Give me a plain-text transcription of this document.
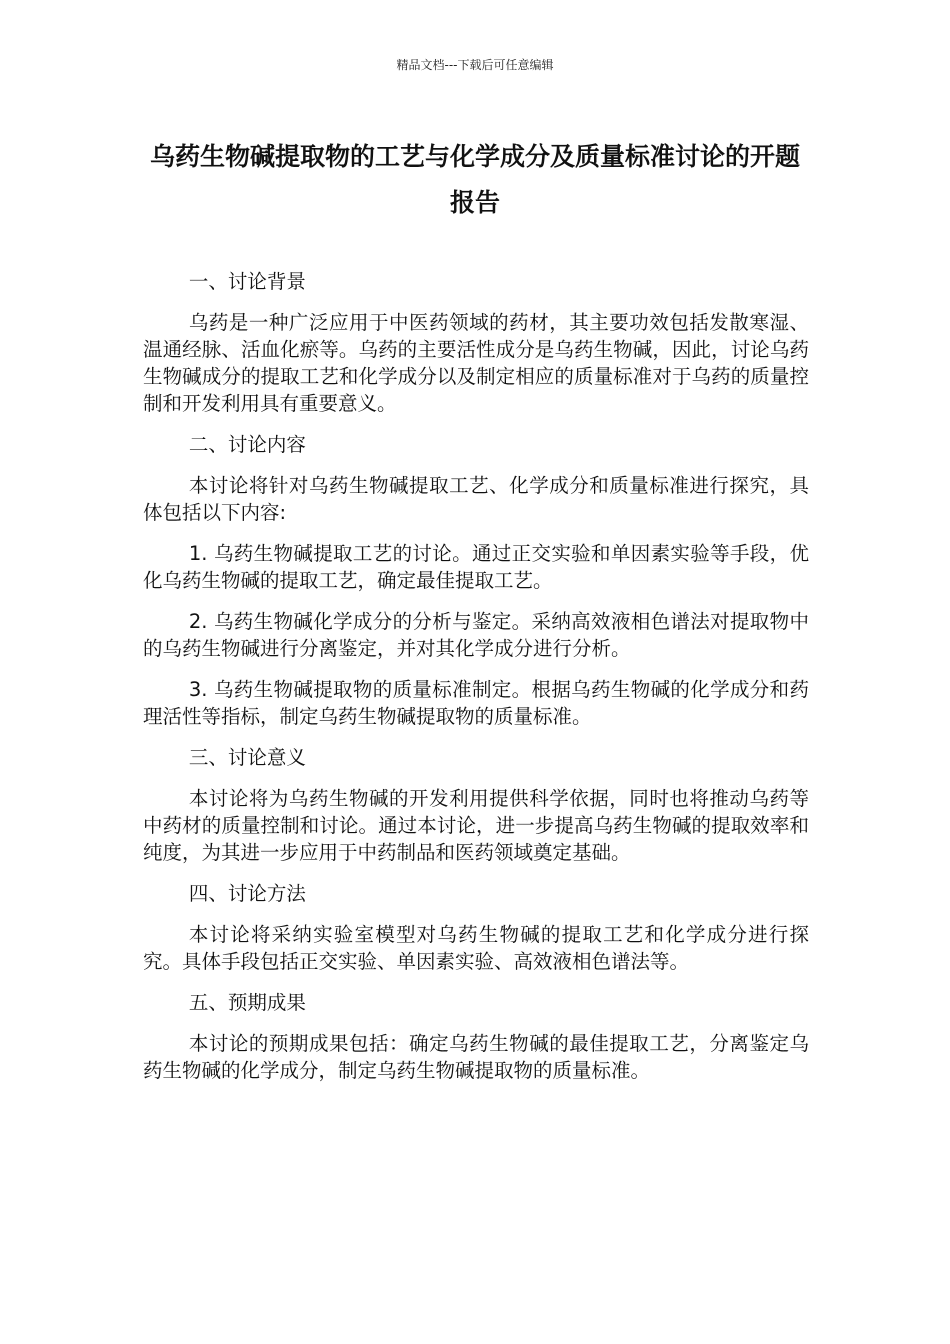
精品文档---下载后可任意编辑
乌药生物碱提取物的工艺与化学成分及质量标准讨论的开题报告

一、讨论背景

乌药是一种广泛应用于中医药领域的药材，其主要功效包括发散寒湿、温通经脉、活血化瘀等。乌药的主要活性成分是乌药生物碱，因此，讨论乌药生物碱成分的提取工艺和化学成分以及制定相应的质量标准对于乌药的质量控制和开发利用具有重要意义。

二、讨论内容

本讨论将针对乌药生物碱提取工艺、化学成分和质量标准进行探究，具体包括以下内容:

1. 乌药生物碱提取工艺的讨论。通过正交实验和单因素实验等手段，优化乌药生物碱的提取工艺，确定最佳提取工艺。

2. 乌药生物碱化学成分的分析与鉴定。采纳高效液相色谱法对提取物中的乌药生物碱进行分离鉴定，并对其化学成分进行分析。

3. 乌药生物碱提取物的质量标准制定。根据乌药生物碱的化学成分和药理活性等指标，制定乌药生物碱提取物的质量标准。

三、讨论意义

本讨论将为乌药生物碱的开发利用提供科学依据，同时也将推动乌药等中药材的质量控制和讨论。通过本讨论，进一步提高乌药生物碱的提取效率和纯度，为其进一步应用于中药制品和医药领域奠定基础。

四、讨论方法

本讨论将采纳实验室模型对乌药生物碱的提取工艺和化学成分进行探究。具体手段包括正交实验、单因素实验、高效液相色谱法等。

五、预期成果

本讨论的预期成果包括：确定乌药生物碱的最佳提取工艺，分离鉴定乌药生物碱的化学成分，制定乌药生物碱提取物的质量标准。
